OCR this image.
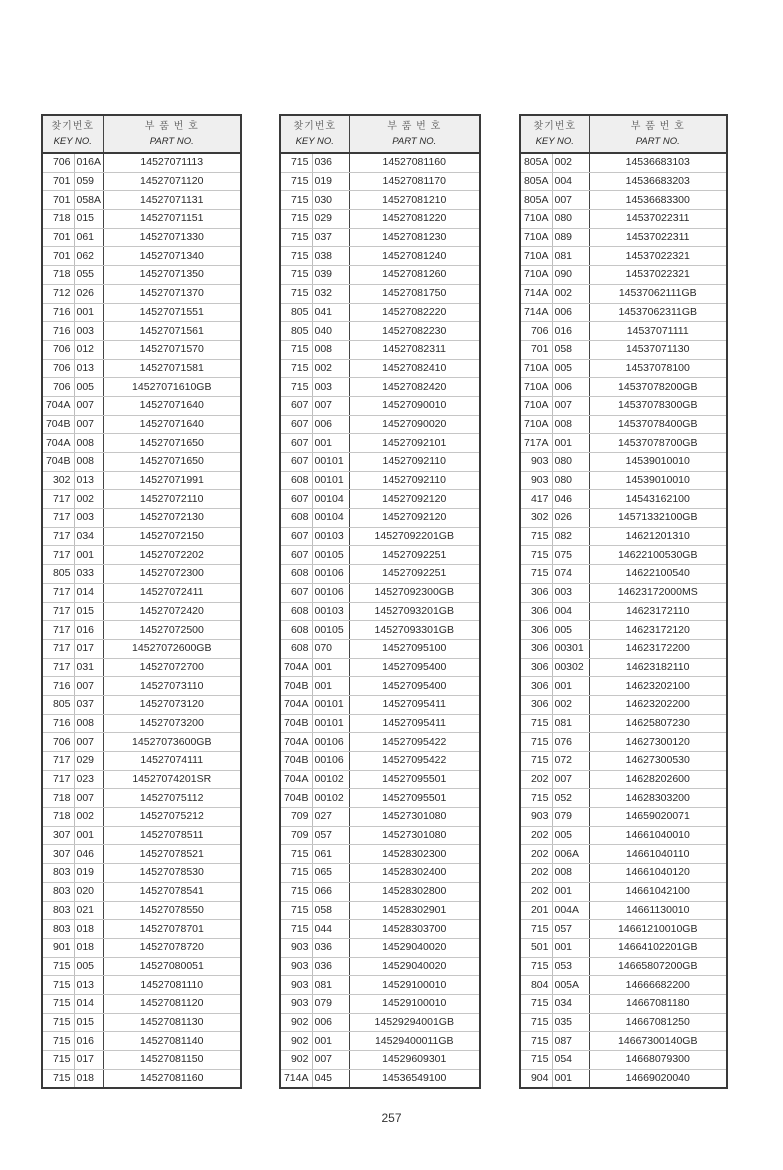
찾기번호
KEY NO.		부 품 번 호
PART NO.

706	016A	14527071113
701	059	14527071120
701	058A	14527071131
718	015	14527071151
701	061	14527071330
701	062	14527071340
718	055	14527071350
712	026	14527071370
716	001	14527071551
716	003	14527071561
706	012	14527071570
706	013	14527071581
706	005	14527071610GB
704A	007	14527071640
704B	007	14527071640
704A	008	14527071650
704B	008	14527071650
302	013	14527071991
717	002	14527072110
717	003	14527072130
717	034	14527072150
717	001	14527072202
805	033	14527072300
717	014	14527072411
717	015	14527072420
717	016	14527072500
717	017	14527072600GB
717	031	14527072700
716	007	14527073110
805	037	14527073120
716	008	14527073200
706	007	14527073600GB
717	029	14527074111
717	023	14527074201SR
718	007	14527075112
718	002	14527075212
307	001	14527078511
307	046	14527078521
803	019	14527078530
803	020	14527078541
803	021	14527078550
803	018	14527078701
901	018	14527078720
715	005	14527080051
715	013	14527081110
715	014	14527081120
715	015	14527081130
715	016	14527081140
715	017	14527081150
715	018	14527081160
찾기번호
KEY NO.		부 품 번 호
PART NO.

715	036	14527081160
715	019	14527081170
715	030	14527081210
715	029	14527081220
715	037	14527081230
715	038	14527081240
715	039	14527081260
715	032	14527081750
805	041	14527082220
805	040	14527082230
715	008	14527082311
715	002	14527082410
715	003	14527082420
607	007	14527090010
607	006	14527090020
607	001	14527092101
607	00101	14527092110
608	00101	14527092110
607	00104	14527092120
608	00104	14527092120
607	00103	14527092201GB
607	00105	14527092251
608	00106	14527092251
607	00106	14527092300GB
608	00103	14527093201GB
608	00105	14527093301GB
608	070	14527095100
704A	001	14527095400
704B	001	14527095400
704A	00101	14527095411
704B	00101	14527095411
704A	00106	14527095422
704B	00106	14527095422
704A	00102	14527095501
704B	00102	14527095501
709	027	14527301080
709	057	14527301080
715	061	14528302300
715	065	14528302400
715	066	14528302800
715	058	14528302901
715	044	14528303700
903	036	14529040020
903	036	14529040020
903	081	14529100010
903	079	14529100010
902	006	14529294001GB
902	001	14529400011GB
902	007	14529609301
714A	045	14536549100
찾기번호
KEY NO.		부 품 번 호
PART NO.

805A	002	14536683103
805A	004	14536683203
805A	007	14536683300
710A	080	14537022311
710A	089	14537022311
710A	081	14537022321
710A	090	14537022321
714A	002	14537062111GB
714A	006	14537062311GB
706	016	14537071111
701	058	14537071130
710A	005	14537078100
710A	006	14537078200GB
710A	007	14537078300GB
710A	008	14537078400GB
717A	001	14537078700GB
903	080	14539010010
903	080	14539010010
417	046	14543162100
302	026	14571332100GB
715	082	14621201310
715	075	14622100530GB
715	074	14622100540
306	003	14623172000MS
306	004	14623172110
306	005	14623172120
306	00301	14623172200
306	00302	14623182110
306	001	14623202100
306	002	14623202200
715	081	14625807230
715	076	14627300120
715	072	14627300530
202	007	14628202600
715	052	14628303200
903	079	14659020071
202	005	14661040010
202	006A	14661040110
202	008	14661040120
202	001	14661042100
201	004A	14661130010
715	057	14661210010GB
501	001	14664102201GB
715	053	14665807200GB
804	005A	14666682200
715	034	14667081180
715	035	14667081250
715	087	14667300140GB
715	054	14668079300
904	001	14669020040
257
